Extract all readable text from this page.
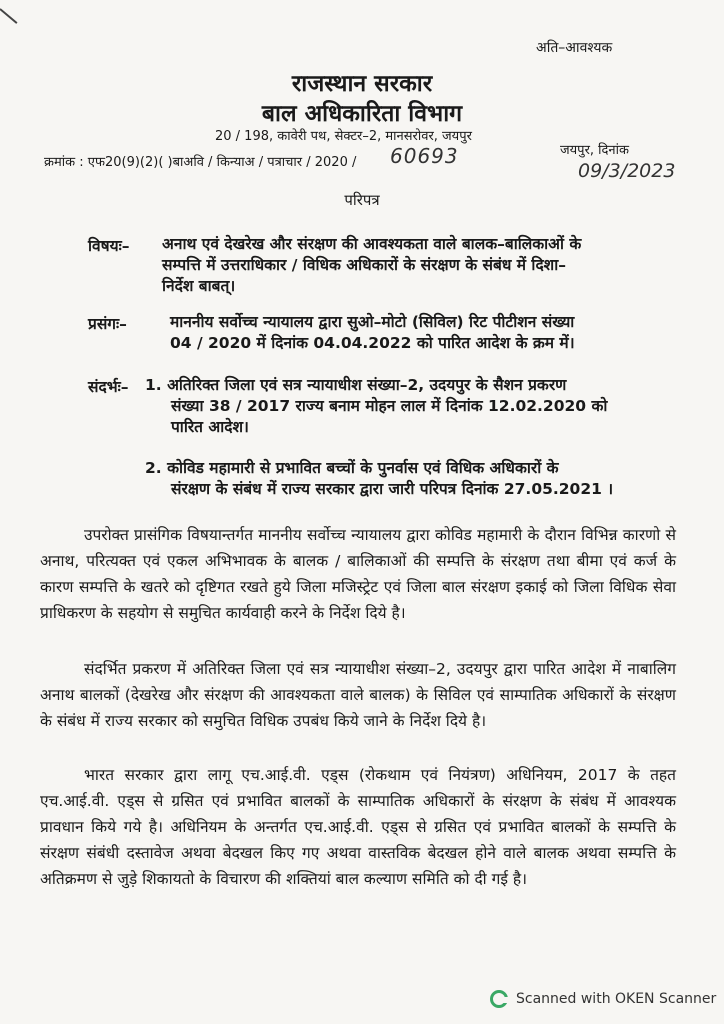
अति–आवश्यक
राजस्थान सरकार
बाल अधिकारिता विभाग
20 / 198, कावेरी पथ, सेक्टर–2, मानसरोवर, जयपुर
क्रमांक : एफ20(9)(2)( )बाअवि / किन्याअ / पत्राचार / 2020 / 60693	जयपुर, दिनांक
09/3/2023
परिपत्र
विषयः– अनाथ एवं देखरेख और संरक्षण की आवश्यकता वाले बालक–बालिकाओं के
सम्पत्ति में उत्तराधिकार / विधिक अधिकारों के संरक्षण के संबंध में दिशा–
निर्देश बाबत्।
प्रसंगः–	माननीय सर्वोच्च न्यायालय द्वारा सुओ–मोटो (सिविल) रिट पीटीशन संख्या
04 / 2020 में दिनांक 04.04.2022 को पारित आदेश के क्रम में।
संदर्भः– 1. अतिरिक्त जिला एवं सत्र न्यायाधीश संख्या–2, उदयपुर के सैशन प्रकरण
संख्या 38 / 2017 राज्य बनाम मोहन लाल में दिनांक 12.02.2020 को
पारित आदेश।
2. कोविड महामारी से प्रभावित बच्चों के पुनर्वास एवं विधिक अधिकारों के
संरक्षण के संबंध में राज्य सरकार द्वारा जारी परिपत्र दिनांक 27.05.2021 ।
उपरोक्त प्रासंगिक विषयान्तर्गत माननीय सर्वोच्च न्यायालय द्वारा कोविड महामारी के दौरान विभिन्न कारणो से अनाथ, परित्यक्त एवं एकल अभिभावक के बालक / बालिकाओं की सम्पत्ति के संरक्षण तथा बीमा एवं कर्ज के कारण सम्पत्ति के खतरे को दृष्टिगत रखते हुये जिला मजिस्ट्रेट एवं जिला बाल संरक्षण इकाई को जिला विधिक सेवा प्राधिकरण के सहयोग से समुचित कार्यवाही करने के निर्देश दिये है।
संदर्भित प्रकरण में अतिरिक्त जिला एवं सत्र न्यायाधीश संख्या–2, उदयपुर द्वारा पारित आदेश में नाबालिग अनाथ बालकों (देखरेख और संरक्षण की आवश्यकता वाले बालक) के सिविल एवं साम्पातिक अधिकारों के संरक्षण के संबंध में राज्य सरकार को समुचित विधिक उपबंध किये जाने के निर्देश दिये है।
भारत सरकार द्वारा लागू एच.आई.वी. एड्स (रोकथाम एवं नियंत्रण) अधिनियम, 2017 के तहत एच.आई.वी. एड्स से ग्रसित एवं प्रभावित बालकों के साम्पातिक अधिकारों के संरक्षण के संबंध में आवश्यक प्रावधान किये गये है। अधिनियम के अन्तर्गत एच.आई.वी. एड्स से ग्रसित एवं प्रभावित बालकों के सम्पत्ति के संरक्षण संबंधी दस्तावेज अथवा बेदखल किए गए अथवा वास्तविक बेदखल होने वाले बालक अथवा सम्पत्ति के अतिक्रमण से जुड़े शिकायतो के विचारण की शक्तियां बाल कल्याण समिति को दी गई है।
Scanned with OKEN Scanner
